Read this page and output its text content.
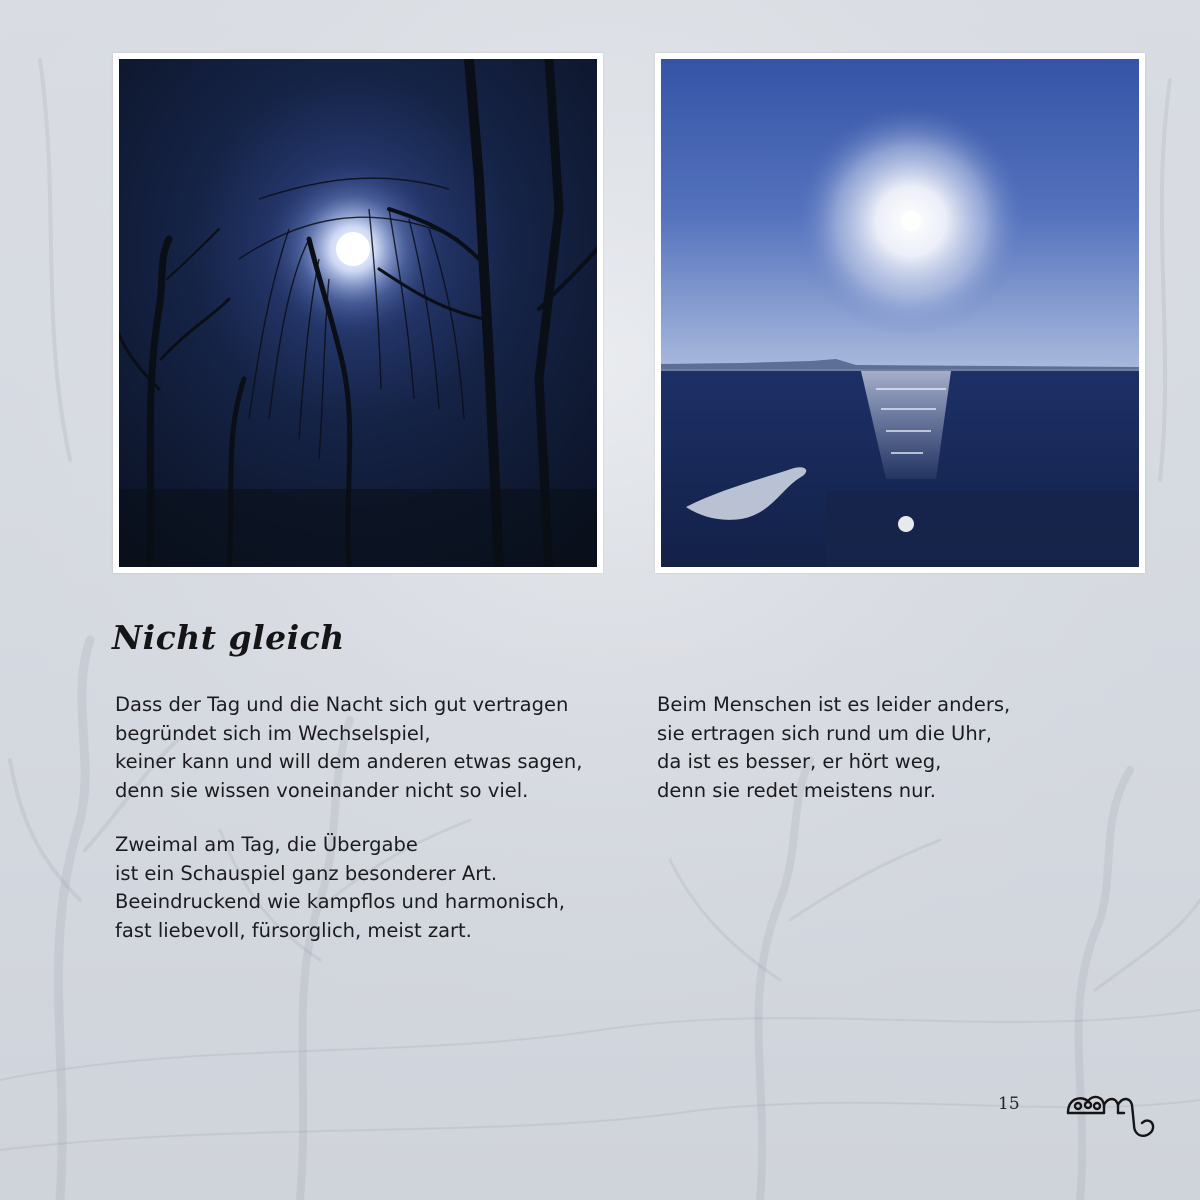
Nicht gleich

Dass der Tag und die Nacht sich gut vertragen
begründet sich im Wechselspiel,
keiner kann und will dem anderen etwas sagen,
denn sie wissen voneinander nicht so viel.

Zweimal am Tag, die Übergabe
ist ein Schauspiel ganz besonderer Art.
Beeindruckend wie kampflos und harmonisch,
fast liebevoll, fürsorglich, meist zart.

Beim Menschen ist es leider anders,
sie ertragen sich rund um die Uhr,
da ist es besser, er hört weg,
denn sie redet meistens nur.

15
